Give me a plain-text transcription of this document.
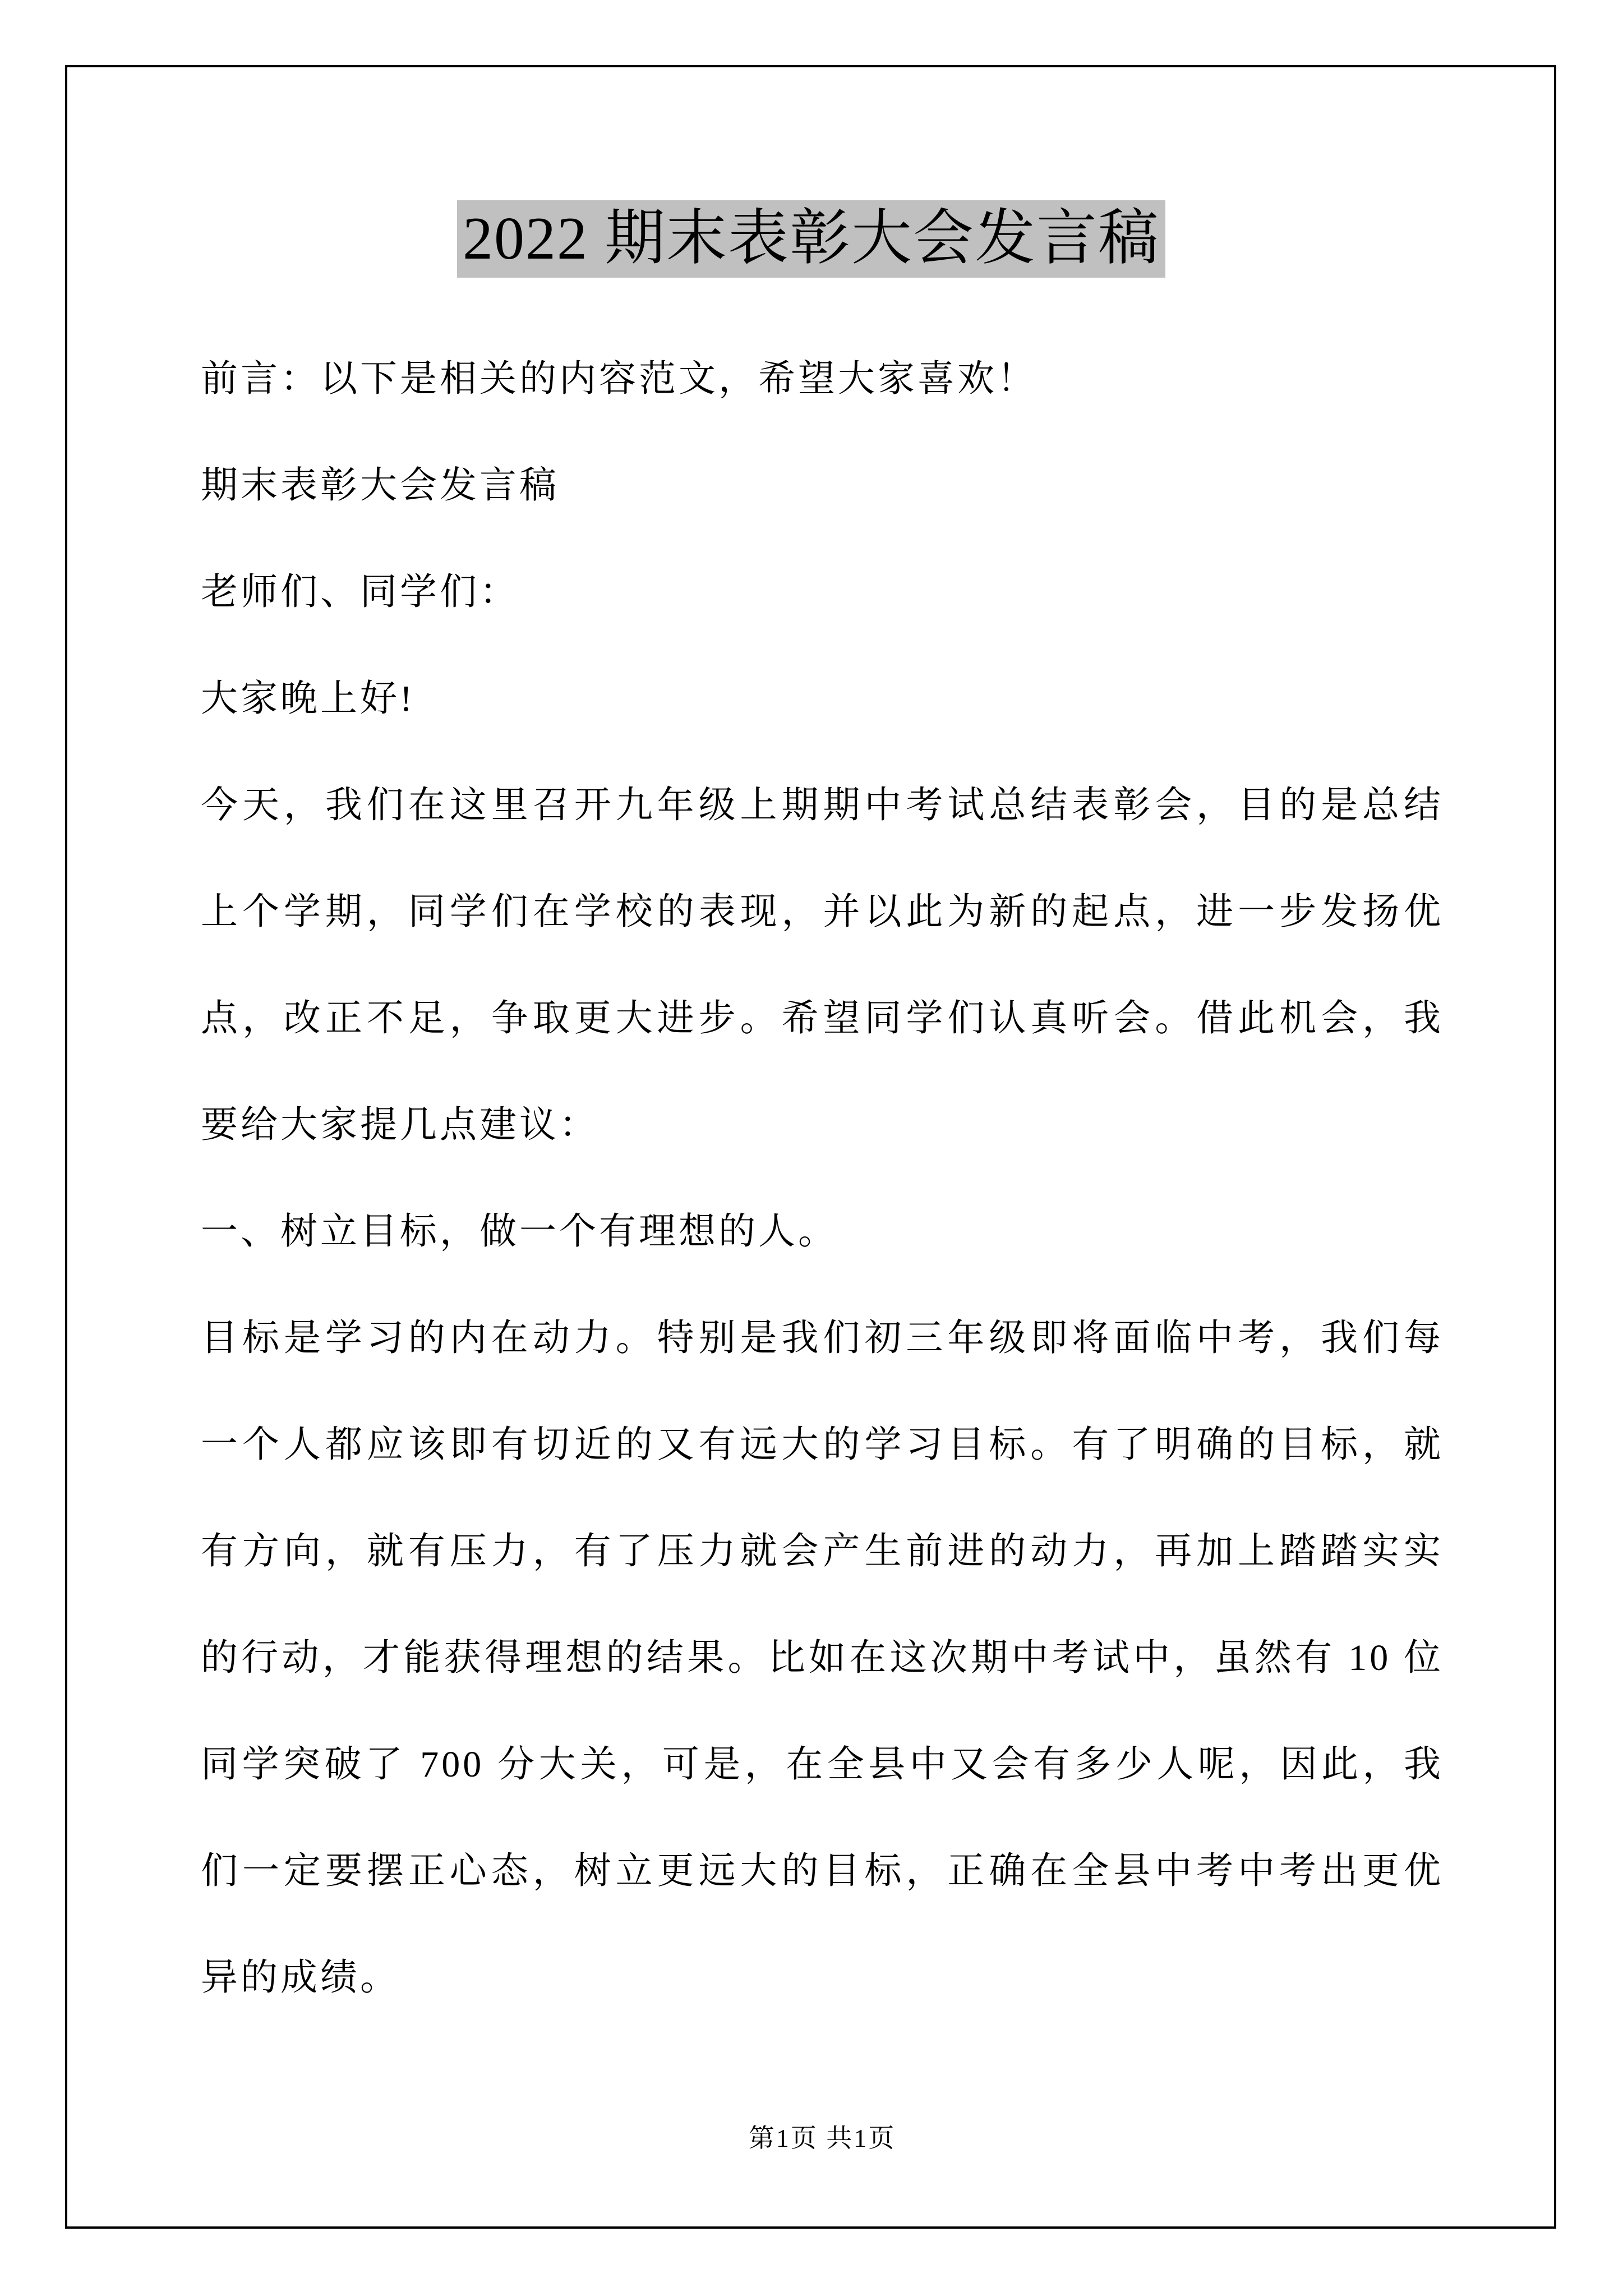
2022 期末表彰大会发言稿
前言：以下是相关的内容范文，希望大家喜欢！
期末表彰大会发言稿
老师们、同学们：
大家晚上好!
今天，我们在这里召开九年级上期期中考试总结表彰会，目的是总结
上个学期，同学们在学校的表现，并以此为新的起点，进一步发扬优
点，改正不足，争取更大进步。希望同学们认真听会。借此机会，我
要给大家提几点建议：
一、树立目标，做一个有理想的人。
目标是学习的内在动力。特别是我们初三年级即将面临中考，我们每
一个人都应该即有切近的又有远大的学习目标。有了明确的目标，就
有方向，就有压力，有了压力就会产生前进的动力，再加上踏踏实实
的行动，才能获得理想的结果。比如在这次期中考试中，虽然有 10 位
同学突破了 700 分大关，可是，在全县中又会有多少人呢，因此，我
们一定要摆正心态，树立更远大的目标，正确在全县中考中考出更优
异的成绩。
第1页 共1页
